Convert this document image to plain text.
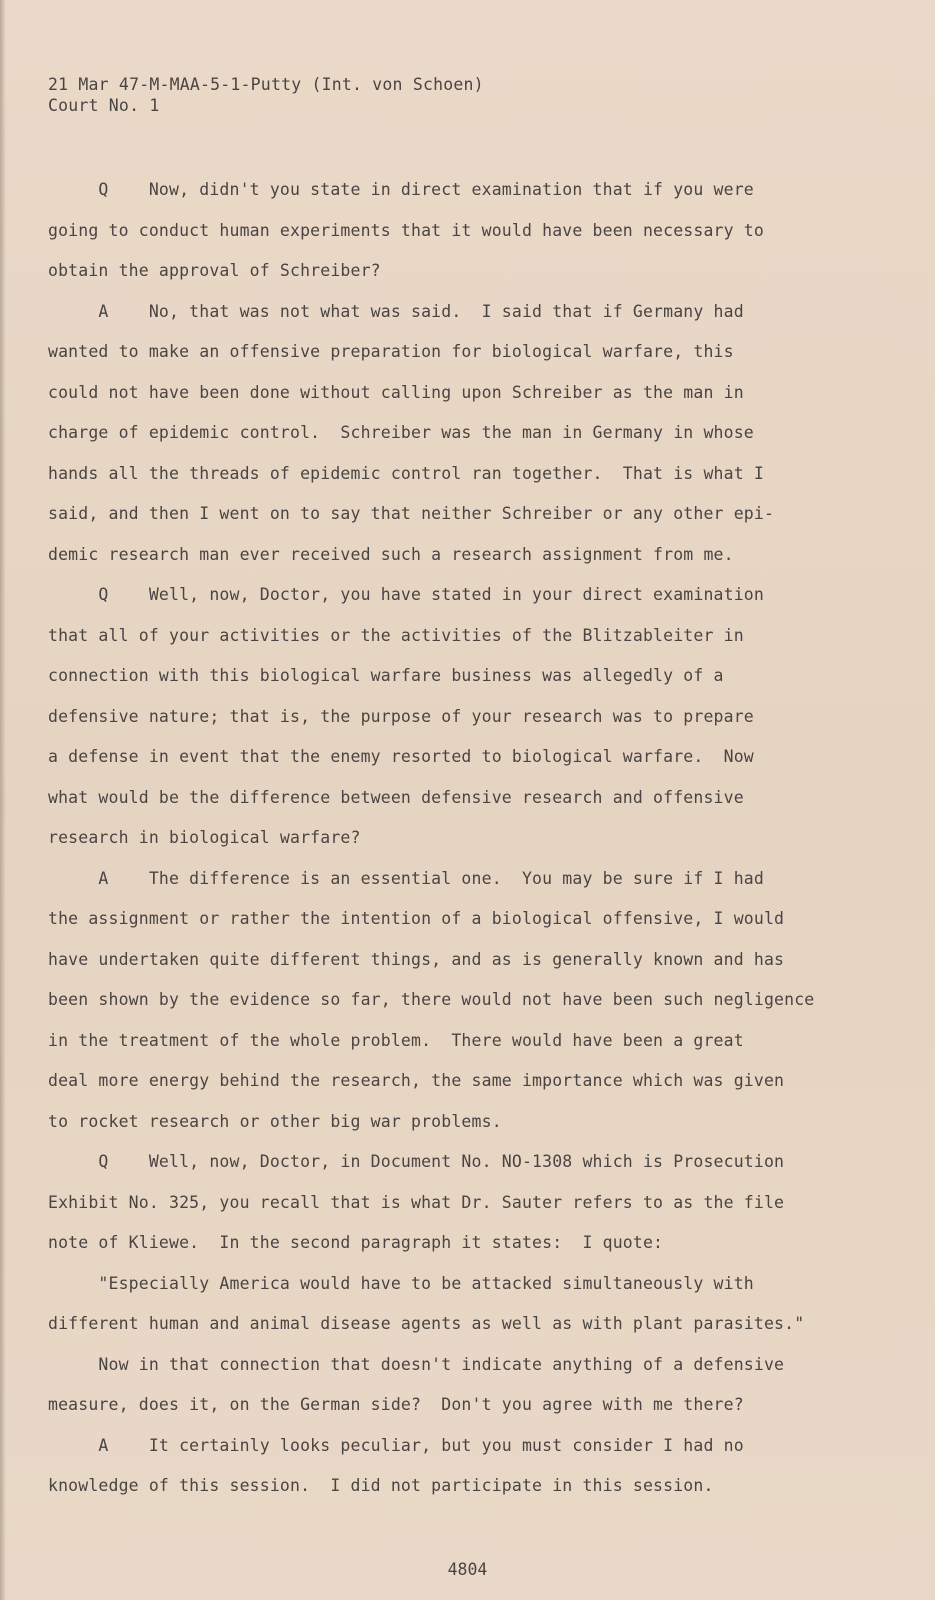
21 Mar 47-M-MAA-5-1-Putty (Int. von Schoen)
Court No. 1
Q    Now, didn't you state in direct examination that if you were
going to conduct human experiments that it would have been necessary to
obtain the approval of Schreiber?
A    No, that was not what was said.  I said that if Germany had
wanted to make an offensive preparation for biological warfare, this
could not have been done without calling upon Schreiber as the man in
charge of epidemic control.  Schreiber was the man in Germany in whose
hands all the threads of epidemic control ran together.  That is what I
said, and then I went on to say that neither Schreiber or any other epi-
demic research man ever received such a research assignment from me.
Q    Well, now, Doctor, you have stated in your direct examination
that all of your activities or the activities of the Blitzableiter in
connection with this biological warfare business was allegedly of a
defensive nature; that is, the purpose of your research was to prepare
a defense in event that the enemy resorted to biological warfare.  Now
what would be the difference between defensive research and offensive
research in biological warfare?
A    The difference is an essential one.  You may be sure if I had
the assignment or rather the intention of a biological offensive, I would
have undertaken quite different things, and as is generally known and has
been shown by the evidence so far, there would not have been such negligence
in the treatment of the whole problem.  There would have been a great
deal more energy behind the research, the same importance which was given
to rocket research or other big war problems.
Q    Well, now, Doctor, in Document No. NO-1308 which is Prosecution
Exhibit No. 325, you recall that is what Dr. Sauter refers to as the file
note of Kliewe.  In the second paragraph it states:  I quote:
"Especially America would have to be attacked simultaneously with
different human and animal disease agents as well as with plant parasites."
Now in that connection that doesn't indicate anything of a defensive
measure, does it, on the German side?  Don't you agree with me there?
A    It certainly looks peculiar, but you must consider I had no
knowledge of this session.  I did not participate in this session.
4804
